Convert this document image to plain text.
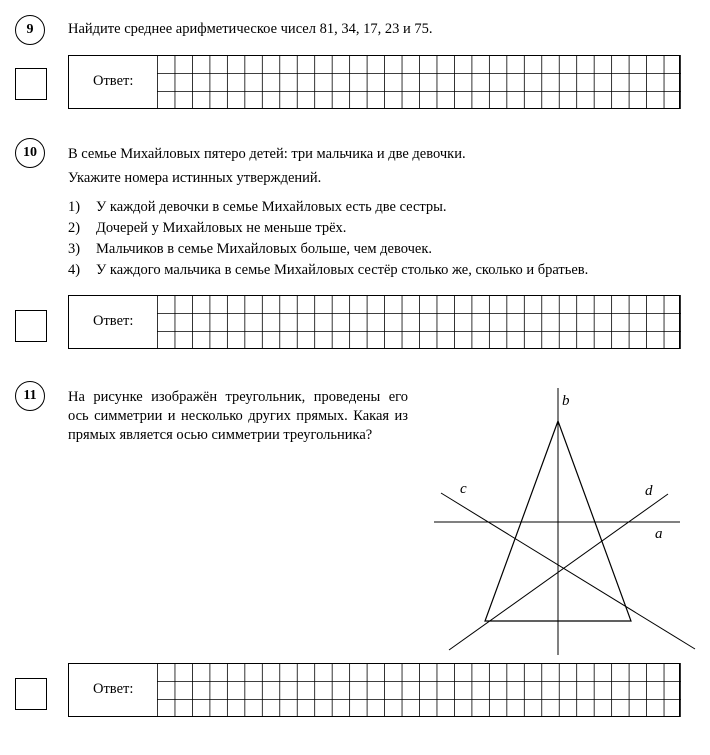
9 Найдите среднее арифметическое чисел 81, 34, 17, 23 и 75.
Ответ:
10 В семье Михайловых пятеро детей: три мальчика и две девочки.
Укажите номера истинных утверждений.
1) У каждой девочки в семье Михайловых есть две сестры.
2) Дочерей у Михайловых не меньше трёх.
3) Мальчиков в семье Михайловых больше, чем девочек.
4) У каждого мальчика в семье Михайловых сестёр столько же, сколько и братьев.
Ответ:
11 На рисунке изображён треугольник, проведены его
ось симметрии и несколько других прямых. Какая из
прямых является осью симметрии треугольника?
b
a
c	d
Ответ:
